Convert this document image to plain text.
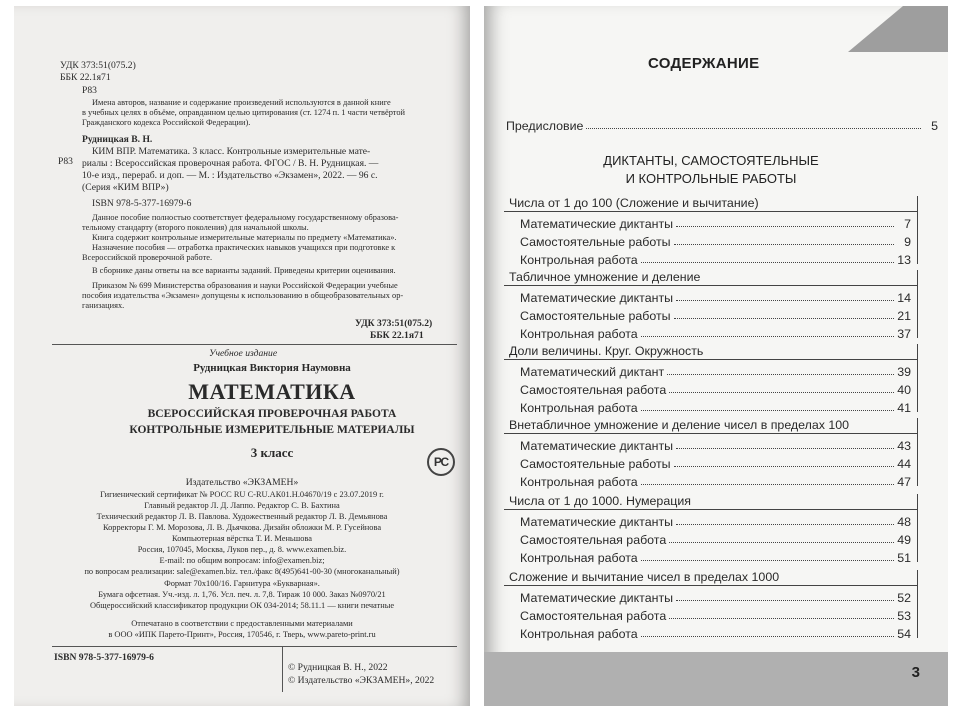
УДК 373:51(075.2)
ББК 22.1я71
Р83
Имена авторов, название и содержание произведений используются в данной книге
в учебных целях в объёме, оправданном целью цитирования (ст. 1274 п. 1 части четвёртой
Гражданского кодекса Российской Федерации).
Рудницкая В. Н.
Р83
КИМ ВПР. Математика. 3 класс. Контрольные измерительные мате-
риалы : Всероссийская проверочная работа. ФГОС / В. Н. Рудницкая. —
10-е изд., перераб. и доп. — М. : Издательство «Экзамен», 2022. — 96 с.
(Серия «КИМ ВПР»)
ISBN 978-5-377-16979-6
Данное пособие полностью соответствует федеральному государственному образова-
тельному стандарту (второго поколения) для начальной школы.
Книга содержит контрольные измерительные материалы по предмету «Математика».
Назначение пособия — отработка практических навыков учащихся при подготовке к
Всероссийской проверочной работе.
В сборнике даны ответы на все варианты заданий. Приведены критерии оценивания.
Приказом № 699 Министерства образования и науки Российской Федерации учебные
пособия издательства «Экзамен» допущены к использованию в общеобразовательных ор-
ганизациях.
УДК 373:51(075.2)
ББК 22.1я71
Учебное издание
Рудницкая Виктория Наумовна
МАТЕМАТИКА
ВСЕРОССИЙСКАЯ ПРОВЕРОЧНАЯ РАБОТА
КОНТРОЛЬНЫЕ ИЗМЕРИТЕЛЬНЫЕ МАТЕРИАЛЫ
3 класс
Издательство «ЭКЗАМЕН»
Гигиенический сертификат № РОСС RU С-RU.АК01.Н.04670/19 с 23.07.2019 г.
Главный редактор Л. Д. Лаппо. Редактор С. В. Бахтина
Технический редактор Л. В. Павлова. Художественный редактор Л. В. Демьянова
Корректоры Г. М. Морозова, Л. В. Дьячкова. Дизайн обложки М. Р. Гусейнова
Компьютерная вёрстка Т. И. Меньшова
Россия, 107045, Москва, Луков пер., д. 8. www.examen.biz.
E-mail: по общим вопросам: info@examen.biz;
по вопросам реализации: sale@examen.biz. тел./факс 8(495)641-00-30 (многоканальный)
Формат 70x100/16. Гарнитура «Букварная».
Бумага офсетная. Уч.-изд. л. 1,76. Усл. печ. л. 7,8. Тираж 10 000. Заказ №0970/21
Общероссийский классификатор продукции ОК 034-2014; 58.11.1 — книги печатные
Отпечатано в соответствии с предоставленными материалами
в ООО «ИПК Парето-Принт», Россия, 170546, г. Тверь, www.pareto-print.ru
РС
ISBN 978-5-377-16979-6
© Рудницкая В. Н., 2022
© Издательство «ЭКЗАМЕН», 2022
СОДЕРЖАНИЕ
Предисловие	5
ДИКТАНТЫ, САМОСТОЯТЕЛЬНЫЕ
И КОНТРОЛЬНЫЕ РАБОТЫ
Числа от 1 до 100 (Сложение и вычитание)
Математические диктанты	7
Самостоятельные работы	9
Контрольная работа	13
Табличное умножение и деление
Математические диктанты	14
Самостоятельные работы	21
Контрольная работа	37
Доли величины. Круг. Окружность
Математический диктант	39
Самостоятельная работа	40
Контрольная работа	41
Внетабличное умножение и деление чисел в пределах 100
Математические диктанты	43
Самостоятельные работы	44
Контрольная работа	47
Числа от 1 до 1000. Нумерация
Математические диктанты	48
Самостоятельная работа	49
Контрольная работа	51
Сложение и вычитание чисел в пределах 1000
Математические диктанты	52
Самостоятельная работа	53
Контрольная работа	54
3
